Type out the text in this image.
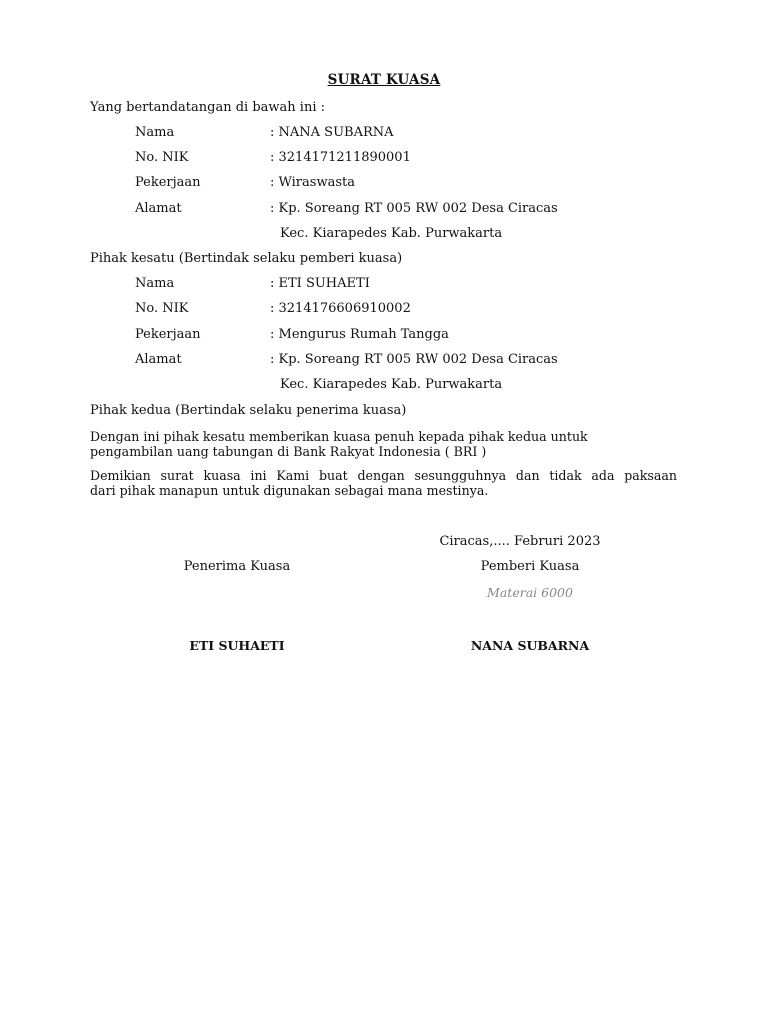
SURAT KUASA
Yang bertandatangan di bawah ini :
Nama	: NANA SUBARNA
No. NIK	: 3214171211890001
Pekerjaan	: Wiraswasta
Alamat	: Kp. Soreang RT 005 RW 002 Desa Ciracas
Kec. Kiarapedes Kab. Purwakarta
Pihak kesatu (Bertindak selaku pemberi kuasa)
Nama	: ETI SUHAETI
No. NIK	: 3214176606910002
Pekerjaan	: Mengurus Rumah Tangga
Alamat	: Kp. Soreang RT 005 RW 002 Desa Ciracas
Kec. Kiarapedes Kab. Purwakarta
Pihak kedua (Bertindak selaku penerima kuasa)
Dengan ini pihak kesatu memberikan kuasa penuh kepada pihak kedua untuk
pengambilan uang tabungan di Bank Rakyat Indonesia ( BRI )
Demikian surat kuasa ini Kami buat dengan sesungguhnya dan tidak ada paksaan
dari pihak manapun untuk digunakan sebagai mana mestinya.
Ciracas,.... Februri 2023
Penerima Kuasa	Pemberi Kuasa
Materai 6000
ETI SUHAETI	NANA SUBARNA
